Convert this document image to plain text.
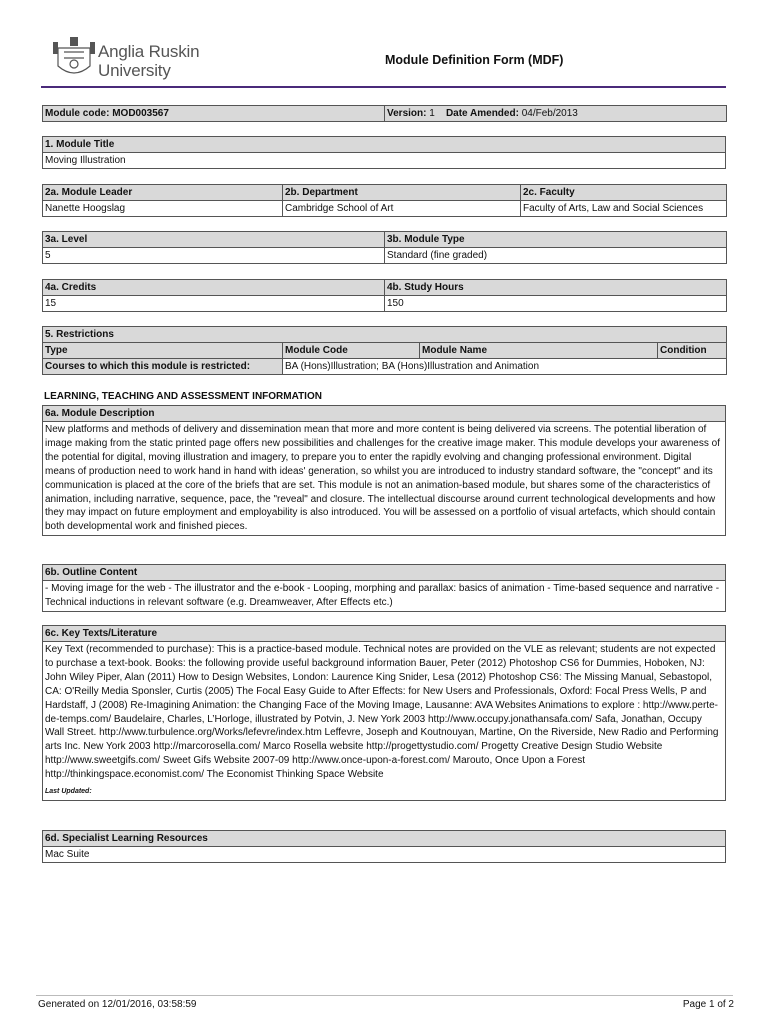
Anglia Ruskin
University
Module Definition Form (MDF)
Module code: MOD003567	Version: 1 Date Amended: 04/Feb/2013
1. Module Title
Moving Illustration
2a. Module Leader	2b. Department	2c. Faculty
Nanette Hoogslag	Cambridge School of Art	Faculty of Arts, Law and Social Sciences
3a. Level	3b. Module Type
5	Standard (fine graded)
4a. Credits	4b. Study Hours
15	150
5. Restrictions			
Type	Module Code	Module Name	Condition
Courses to which this module is restricted:	BA (Hons)Illustration; BA (Hons)Illustration and Animation		
LEARNING, TEACHING AND ASSESSMENT INFORMATION
6a. Module Description
New platforms and methods of delivery and dissemination mean that more and more content is being delivered via screens. The potential liberation of image making from the static printed page offers new possibilities and challenges for the creative image maker. This module develops your awareness of the potential for digital, moving illustration and imagery, to prepare you to enter the rapidly evolving and changing professional environment. Digital means of production need to work hand in hand with ideas' generation, so whilst you are introduced to industry standard software, the "concept" and its communication is placed at the core of the briefs that are set. This module is not an animation-based module, but shares some of the characteristics of animation, including narrative, sequence, pace, the "reveal" and closure. The intellectual discourse around current technological developments and how they may impact on future employment and employability is also introduced. You will be assessed on a portfolio of visual artefacts, which should contain both developmental work and finished pieces.
6b. Outline Content
- Moving image for the web - The illustrator and the e-book - Looping, morphing and parallax: basics of animation - Time-based sequence and narrative - Technical inductions in relevant software (e.g. Dreamweaver, After Effects etc.)
6c. Key Texts/Literature

Key Text (recommended to purchase): This is a practice-based module. Technical notes are provided on the VLE as relevant; students are not expected to purchase a text-book. Books: the following provide useful background information Bauer, Peter (2012) Photoshop CS6 for Dummies, Hoboken, NJ: John Wiley Piper, Alan (2011) How to Design Websites, London: Laurence King Snider, Lesa (2012) Photoshop CS6: The Missing Manual, Sebastopol, CA: O'Reilly Media Sponsler, Curtis (2005) The Focal Easy Guide to After Effects: for New Users and Professionals, Oxford: Focal Press Wells, P and Hardstaff, J (2008) Re-Imagining Animation: the Changing Face of the Moving Image, Lausanne: AVA Websites Animations to explore : http://www.perte-de-temps.com/ Baudelaire, Charles, L’Horloge, illustrated by Potvin, J. New York 2003 http://www.occupy.jonathansafa.com/ Safa, Jonathan, Occupy Wall Street. http://www.turbulence.org/Works/lefevre/index.htm Leffevre, Joseph and Koutnouyan, Martine, On the Riverside, New Radio and Performing arts Inc. New York 2003 http://marcorosella.com/ Marco Rosella website http://progettystudio.com/ Progetty Creative Design Studio Website http://www.sweetgifs.com/ Sweet Gifs Website 2007-09 http://www.once-upon-a-forest.com/ Marouto, Once Upon a Forest http://thinkingspace.economist.com/ The Economist Thinking Space Website
Last Updated:
6d. Specialist Learning Resources
Mac Suite
Generated on 12/01/2016, 03:58:59	Page 1 of 2
